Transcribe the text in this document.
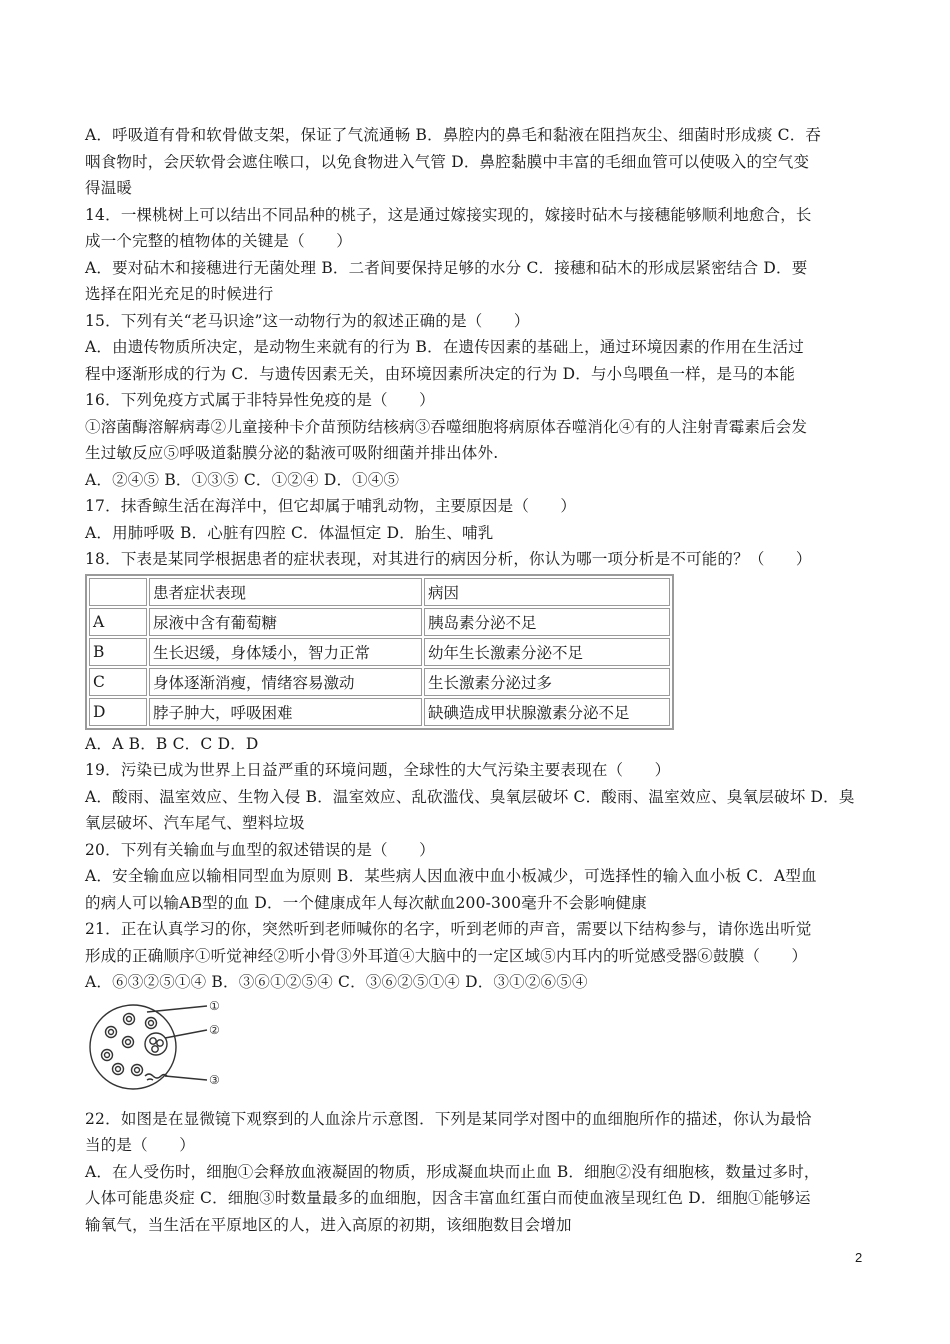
A．呼吸道有骨和软骨做支架，保证了气流通畅 B．鼻腔内的鼻毛和黏液在阻挡灰尘、细菌时形成痰 C．吞
咽食物时，会厌软骨会遮住喉口，以免食物进入气管 D．鼻腔黏膜中丰富的毛细血管可以使吸入的空气变
得温暖
14．一棵桃树上可以结出不同品种的桃子，这是通过嫁接实现的，嫁接时砧木与接穗能够顺利地愈合，长
成一个完整的植物体的关键是（　　）
A．要对砧木和接穗进行无菌处理 B．二者间要保持足够的水分 C．接穗和砧木的形成层紧密结合 D．要
选择在阳光充足的时候进行
15．下列有关“老马识途”这一动物行为的叙述正确的是（　　）
A．由遗传物质所决定，是动物生来就有的行为 B．在遗传因素的基础上，通过环境因素的作用在生活过
程中逐渐形成的行为 C．与遗传因素无关，由环境因素所决定的行为 D．与小鸟喂鱼一样，是马的本能
16．下列免疫方式属于非特异性免疫的是（　　）
①溶菌酶溶解病毒②儿童接种卡介苗预防结核病③吞噬细胞将病原体吞噬消化④有的人注射青霉素后会发
生过敏反应⑤呼吸道黏膜分泌的黏液可吸附细菌并排出体外.
A．②④⑤ B．①③⑤ C．①②④ D．①④⑤
17．抹香鲸生活在海洋中，但它却属于哺乳动物，主要原因是（　　）
A．用肺呼吸 B．心脏有四腔 C．体温恒定 D．胎生、哺乳
18．下表是某同学根据患者的症状表现，对其进行的病因分析，你认为哪一项分析是不可能的？（　　）
	患者症状表现	病因
A	尿液中含有葡萄糖	胰岛素分泌不足
B	生长迟缓，身体矮小，智力正常	幼年生长激素分泌不足
C	身体逐渐消瘦，情绪容易激动	生长激素分泌过多
D	脖子肿大，呼吸困难	缺碘造成甲状腺激素分泌不足
A．A B．B C．C D．D
19．污染已成为世界上日益严重的环境问题，全球性的大气污染主要表现在（　　）
A．酸雨、温室效应、生物入侵 B．温室效应、乱砍滥伐、臭氧层破坏 C．酸雨、温室效应、臭氧层破坏 D．臭
氧层破坏、汽车尾气、塑料垃圾
20．下列有关输血与血型的叙述错误的是（　　）
A．安全输血应以输相同型血为原则 B．某些病人因血液中血小板减少，可选择性的输入血小板 C．A型血
的病人可以输AB型的血 D．一个健康成年人每次献血200-300毫升不会影响健康
21．正在认真学习的你，突然听到老师喊你的名字，听到老师的声音，需要以下结构参与，请你选出听觉
形成的正确顺序①听觉神经②听小骨③外耳道④大脑中的一定区域⑤内耳内的听觉感受器⑥鼓膜（　　）
A．⑥③②⑤①④ B．③⑥①②⑤④ C．③⑥②⑤①④ D．③①②⑥⑤④
①
②
③
22．如图是在显微镜下观察到的人血涂片示意图．下列是某同学对图中的血细胞所作的描述，你认为最恰
当的是（　　）
A．在人受伤时，细胞①会释放血液凝固的物质，形成凝血块而止血 B．细胞②没有细胞核，数量过多时，
人体可能患炎症 C．细胞③时数量最多的血细胞，因含丰富血红蛋白而使血液呈现红色 D．细胞①能够运
输氧气，当生活在平原地区的人，进入高原的初期，该细胞数目会增加
2
